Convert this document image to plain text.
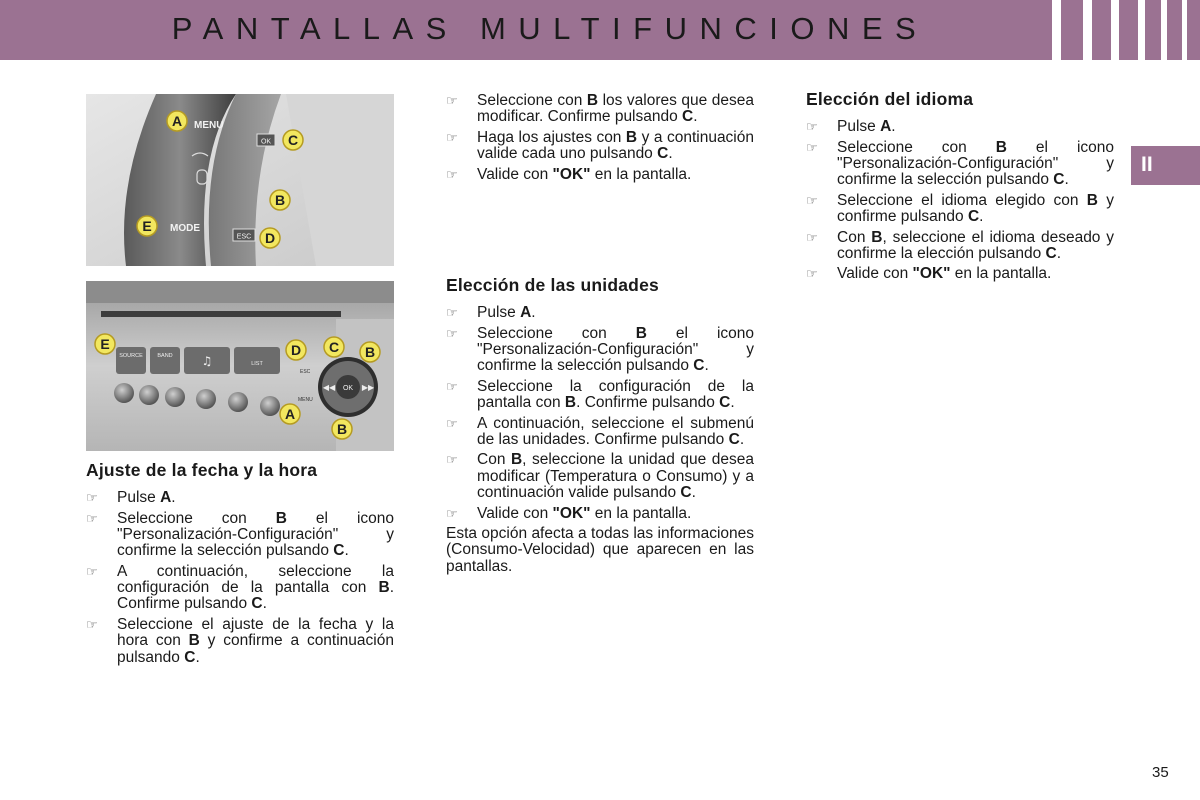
PANTALLAS MULTIFUNCIONES
II
MENU
MODE
OK
ESC
A
C
B
E
D
SOURCE	BAND ♫	LIST
ESC
MENU
OK
◀◀	▶▶
E	D C B
A
B
Ajuste de la fecha y la hora
☞ Pulse A.
☞ Seleccione con B el icono "Personalización-Configuración" y confirme la selección pulsando C.
☞ A continuación, seleccione la configuración de la pantalla con B. Confirme pulsando C.
☞ Seleccione el ajuste de la fecha y la hora con B y confirme a continuación pulsando C.
☞ Seleccione con B los valores que desea modificar. Confirme pulsando C.
☞ Haga los ajustes con B y a continuación valide cada uno pulsando C.
☞ Valide con "OK" en la pantalla.
Elección de las unidades
☞ Pulse A.
☞ Seleccione con B el icono "Personalización-Configuración" y confirme la selección pulsando C.
☞ Seleccione la configuración de la pantalla con B. Confirme pulsando C.
☞ A continuación, seleccione el submenú de las unidades. Confirme pulsando C.
☞ Con B, seleccione la unidad que desea modificar (Temperatura o Consumo) y a continuación valide pulsando C.
☞ Valide con "OK" en la pantalla.

Esta opción afecta a todas las informaciones (Consumo-Velocidad) que aparecen en las pantallas.

Elección del idioma
☞ Pulse A.
☞ Seleccione con B el icono "Personalización-Configuración" y confirme la selección pulsando C.
☞ Seleccione el idioma elegido con B y confirme pulsando C.
☞ Con B, seleccione el idioma deseado y confirme la elección pulsando C.
☞ Valide con "OK" en la pantalla.
35
